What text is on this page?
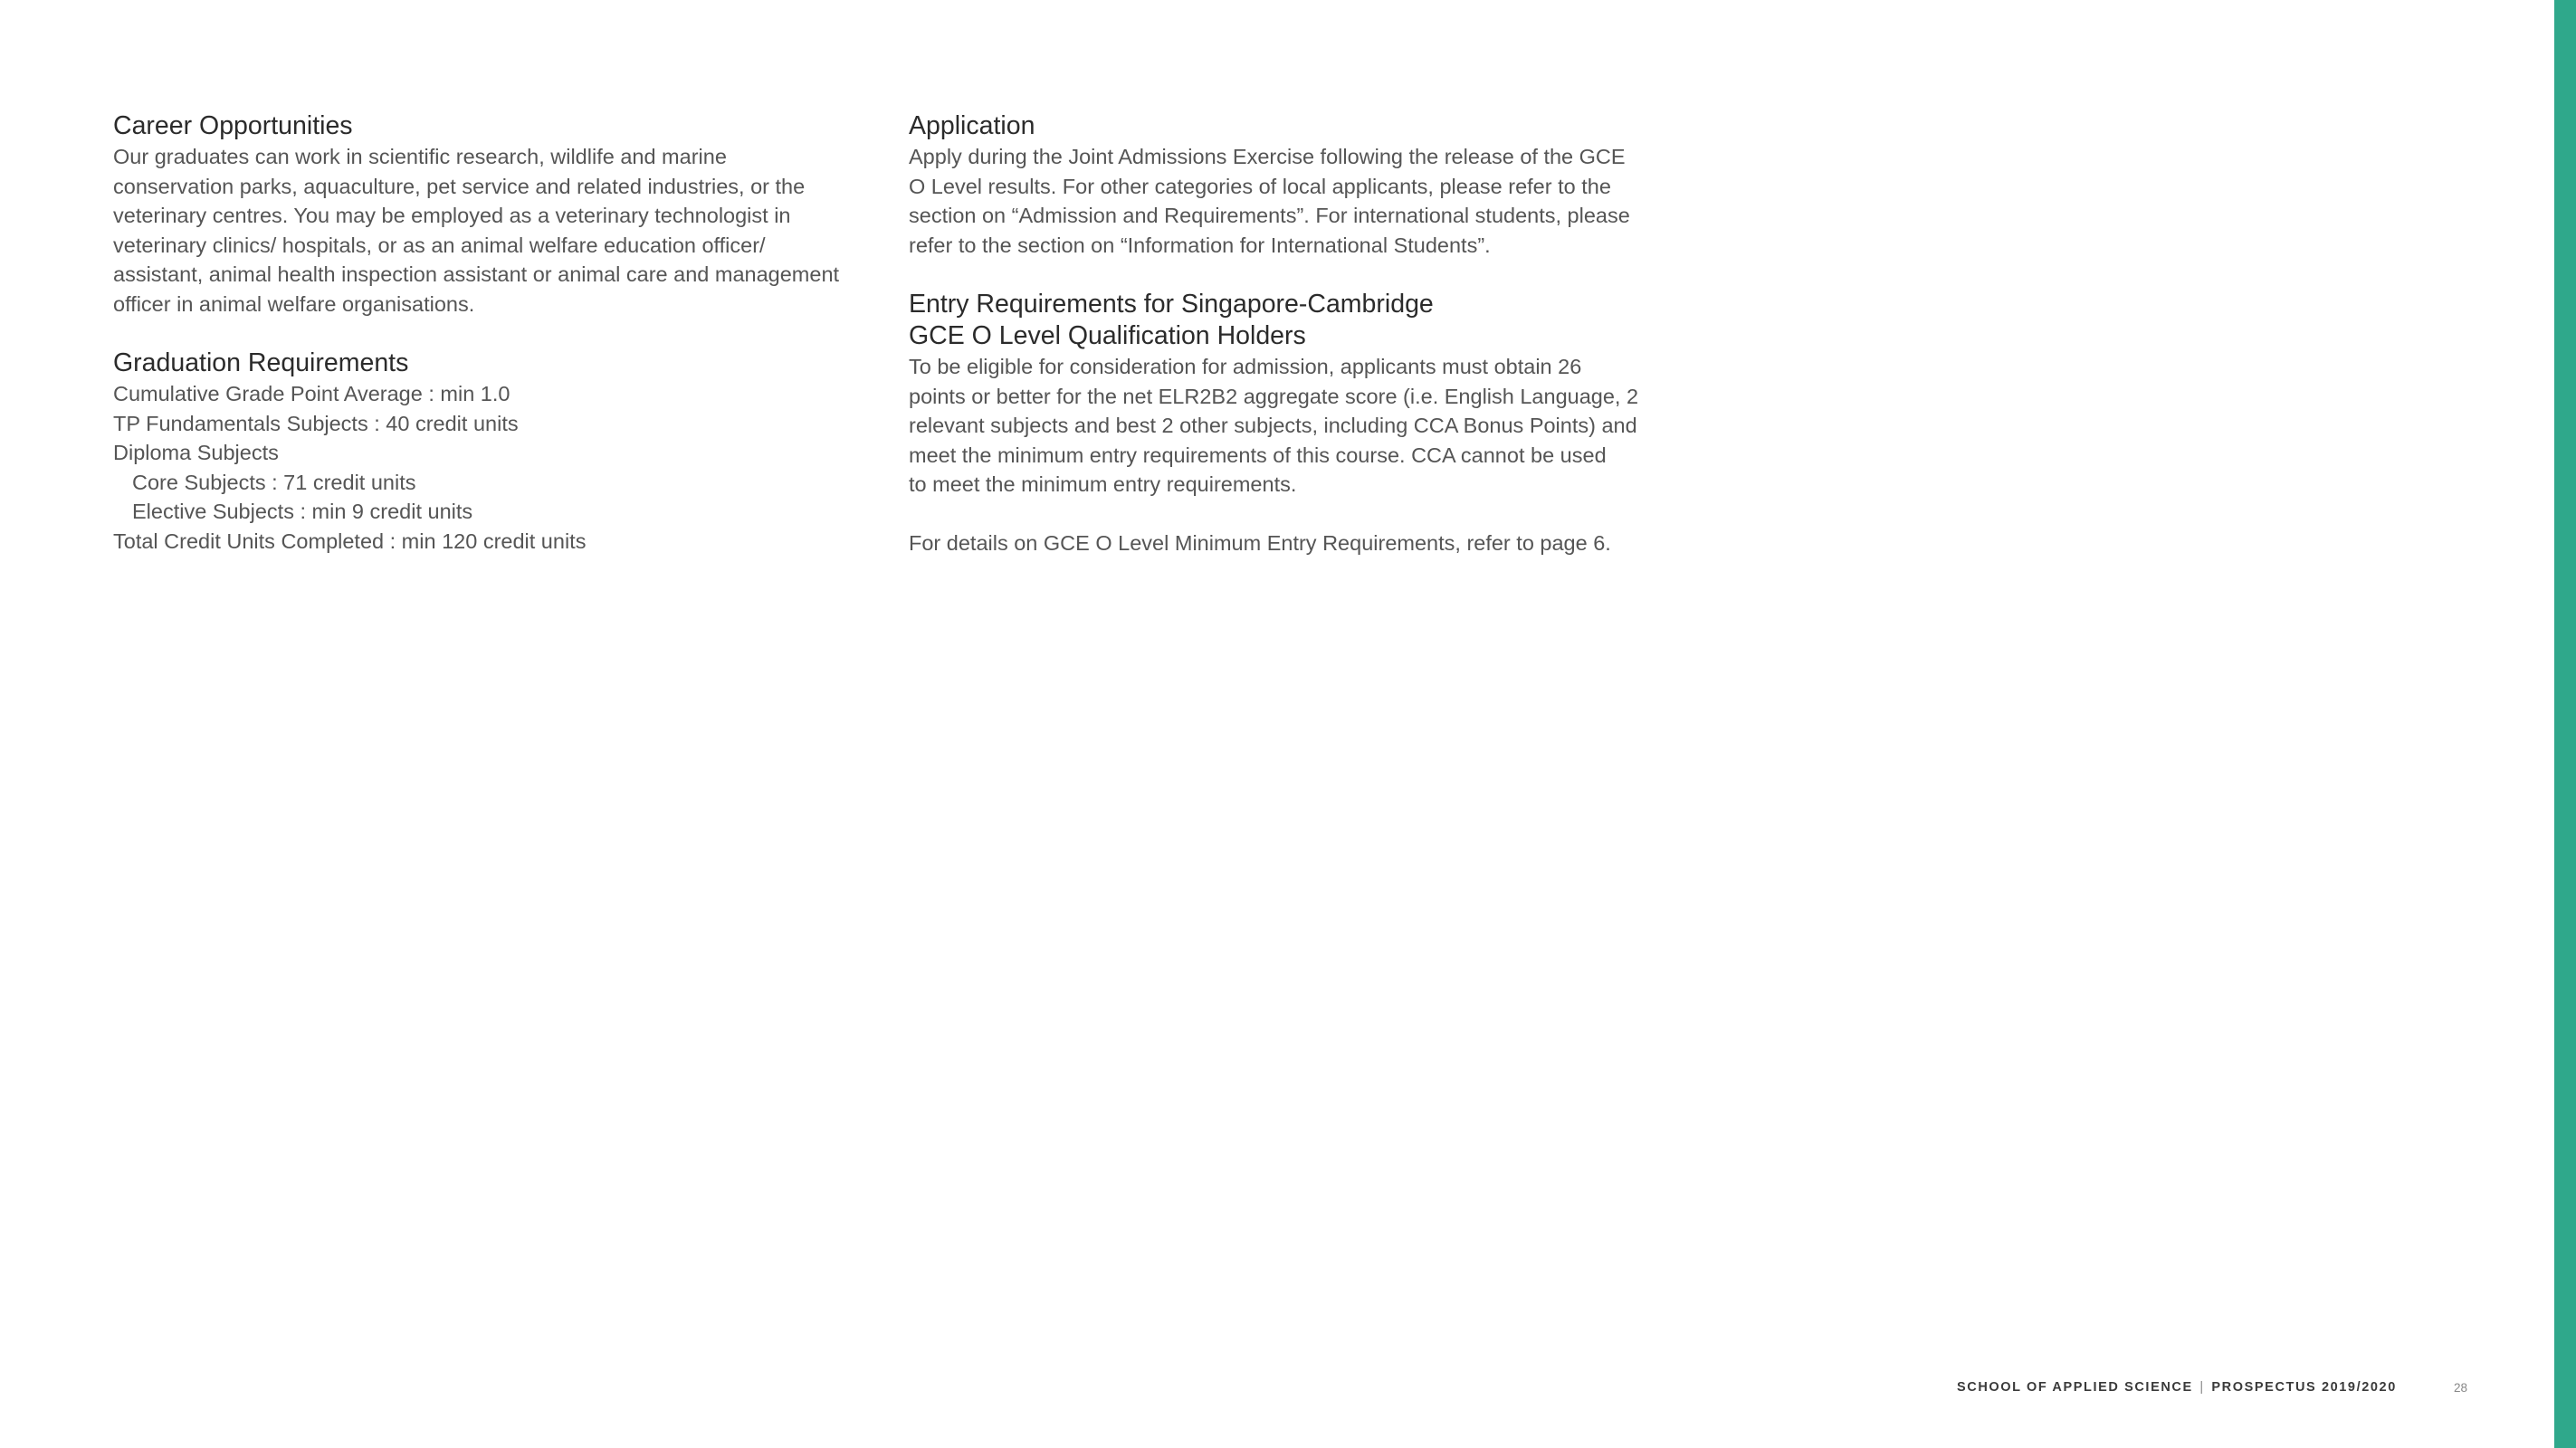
Career Opportunities

Our graduates can work in scientific research, wildlife and marine
conservation parks, aquaculture, pet service and related industries, or the
veterinary centres. You may be employed as a veterinary technologist in
veterinary clinics/ hospitals, or as an animal welfare education officer/
assistant, animal health inspection assistant or animal care and management
officer in animal welfare organisations.

Graduation Requirements
Cumulative Grade Point Average : min 1.0
TP Fundamentals Subjects : 40 credit units
Diploma Subjects
Core Subjects : 71 credit units
Elective Subjects : min 9 credit units
Total Credit Units Completed : min 120 credit units
Application

Apply during the Joint Admissions Exercise following the release of the GCE
O Level results. For other categories of local applicants, please refer to the
section on “Admission and Requirements”. For international students, please
refer to the section on “Information for International Students”.

Entry Requirements for Singapore-Cambridge
GCE O Level Qualification Holders

To be eligible for consideration for admission, applicants must obtain 26
points or better for the net ELR2B2 aggregate score (i.e. English Language, 2
relevant subjects and best 2 other subjects, including CCA Bonus Points) and
meet the minimum entry requirements of this course. CCA cannot be used
to meet the minimum entry requirements.

For details on GCE O Level Minimum Entry Requirements, refer to page 6.

SCHOOL OF APPLIED SCIENCE | PROSPECTUS 2019/2020	28
